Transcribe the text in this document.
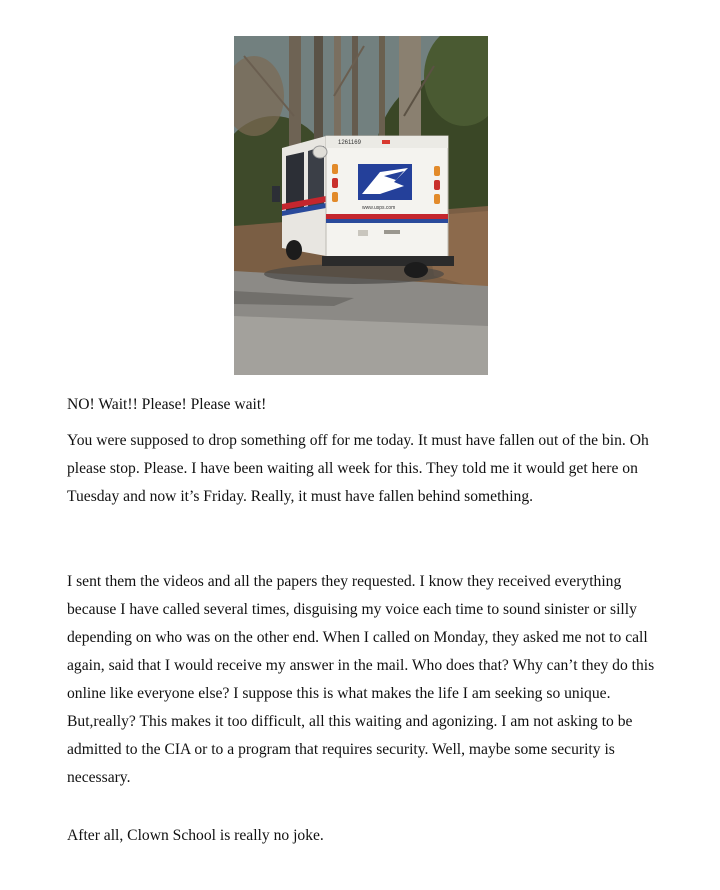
1261169
www.usps.com

NO! Wait!! Please! Please wait!

You were supposed to drop something off for me today. It must have fallen out of the bin. Oh please stop. Please. I have been waiting all week for this. They told me it would get here on Tuesday and now it’s Friday. Really, it must have fallen behind something.

I sent them the videos and all the papers they requested. I know they received everything because I have called several times, disguising my voice each time to sound sinister or silly depending on who was on the other end. When I called on Monday, they asked me not to call again, said that I would receive my answer in the mail. Who does that? Why can’t they do this online like everyone else? I suppose this is what makes the life I am seeking so unique. But,really? This makes it too difficult, all this waiting and agonizing. I am not asking to be admitted to the CIA or to a program that requires security. Well, maybe some security is necessary.

After all, Clown School is really no joke.
